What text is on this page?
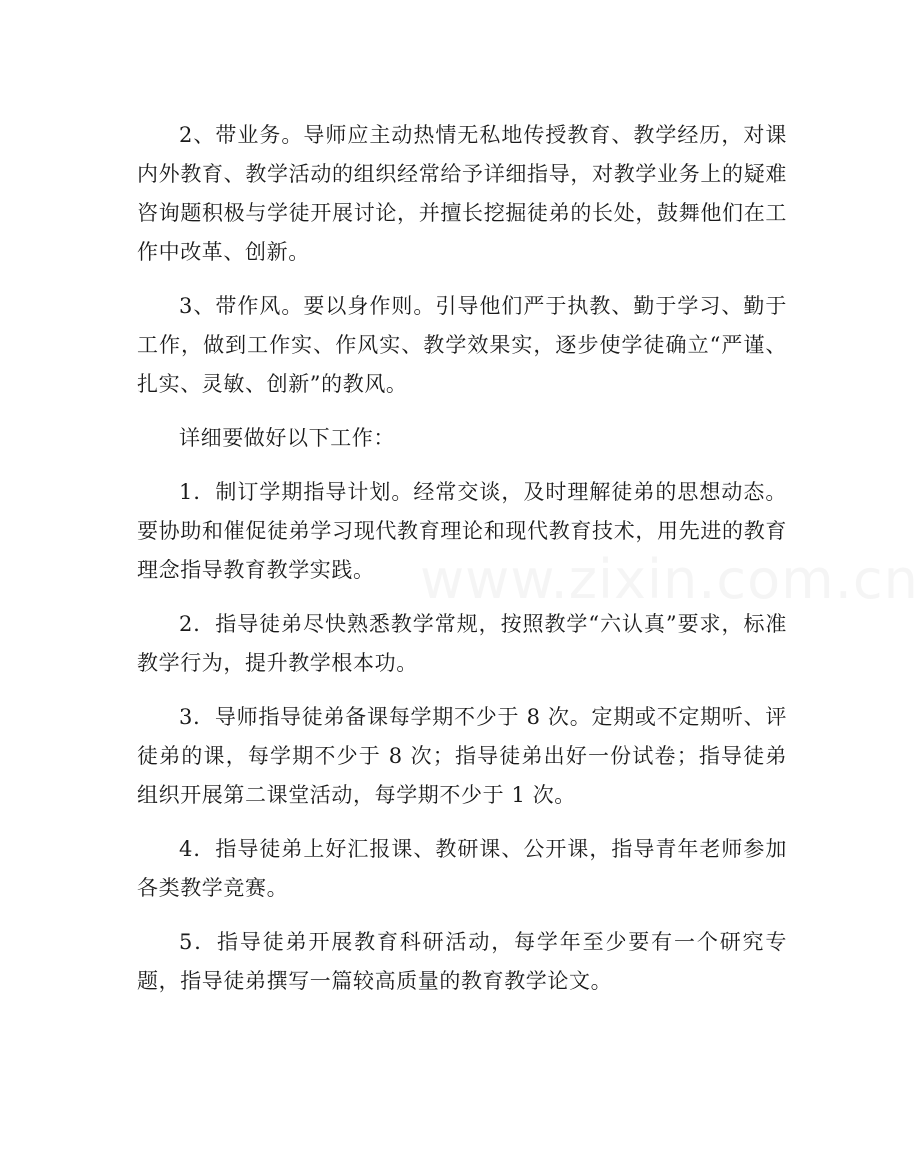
2、带业务。导师应主动热情无私地传授教育、教学经历，对课内外教育、教学活动的组织经常给予详细指导，对教学业务上的疑难咨询题积极与学徒开展讨论，并擅长挖掘徒弟的长处，鼓舞他们在工作中改革、创新。

3、带作风。要以身作则。引导他们严于执教、勤于学习、勤于工作，做到工作实、作风实、教学效果实，逐步使学徒确立“严谨、扎实、灵敏、创新”的教风。

详细要做好以下工作：

1．制订学期指导计划。经常交谈，及时理解徒弟的思想动态。要协助和催促徒弟学习现代教育理论和现代教育技术，用先进的教育理念指导教育教学实践。

2．指导徒弟尽快熟悉教学常规，按照教学“六认真”要求，标准教学行为，提升教学根本功。

3．导师指导徒弟备课每学期不少于 8 次。定期或不定期听、评徒弟的课，每学期不少于 8 次；指导徒弟出好一份试卷；指导徒弟组织开展第二课堂活动，每学期不少于 1 次。

4．指导徒弟上好汇报课、教研课、公开课，指导青年老师参加各类教学竞赛。

5．指导徒弟开展教育科研活动，每学年至少要有一个研究专题，指导徒弟撰写一篇较高质量的教育教学论文。

www.zixin.com.cn
